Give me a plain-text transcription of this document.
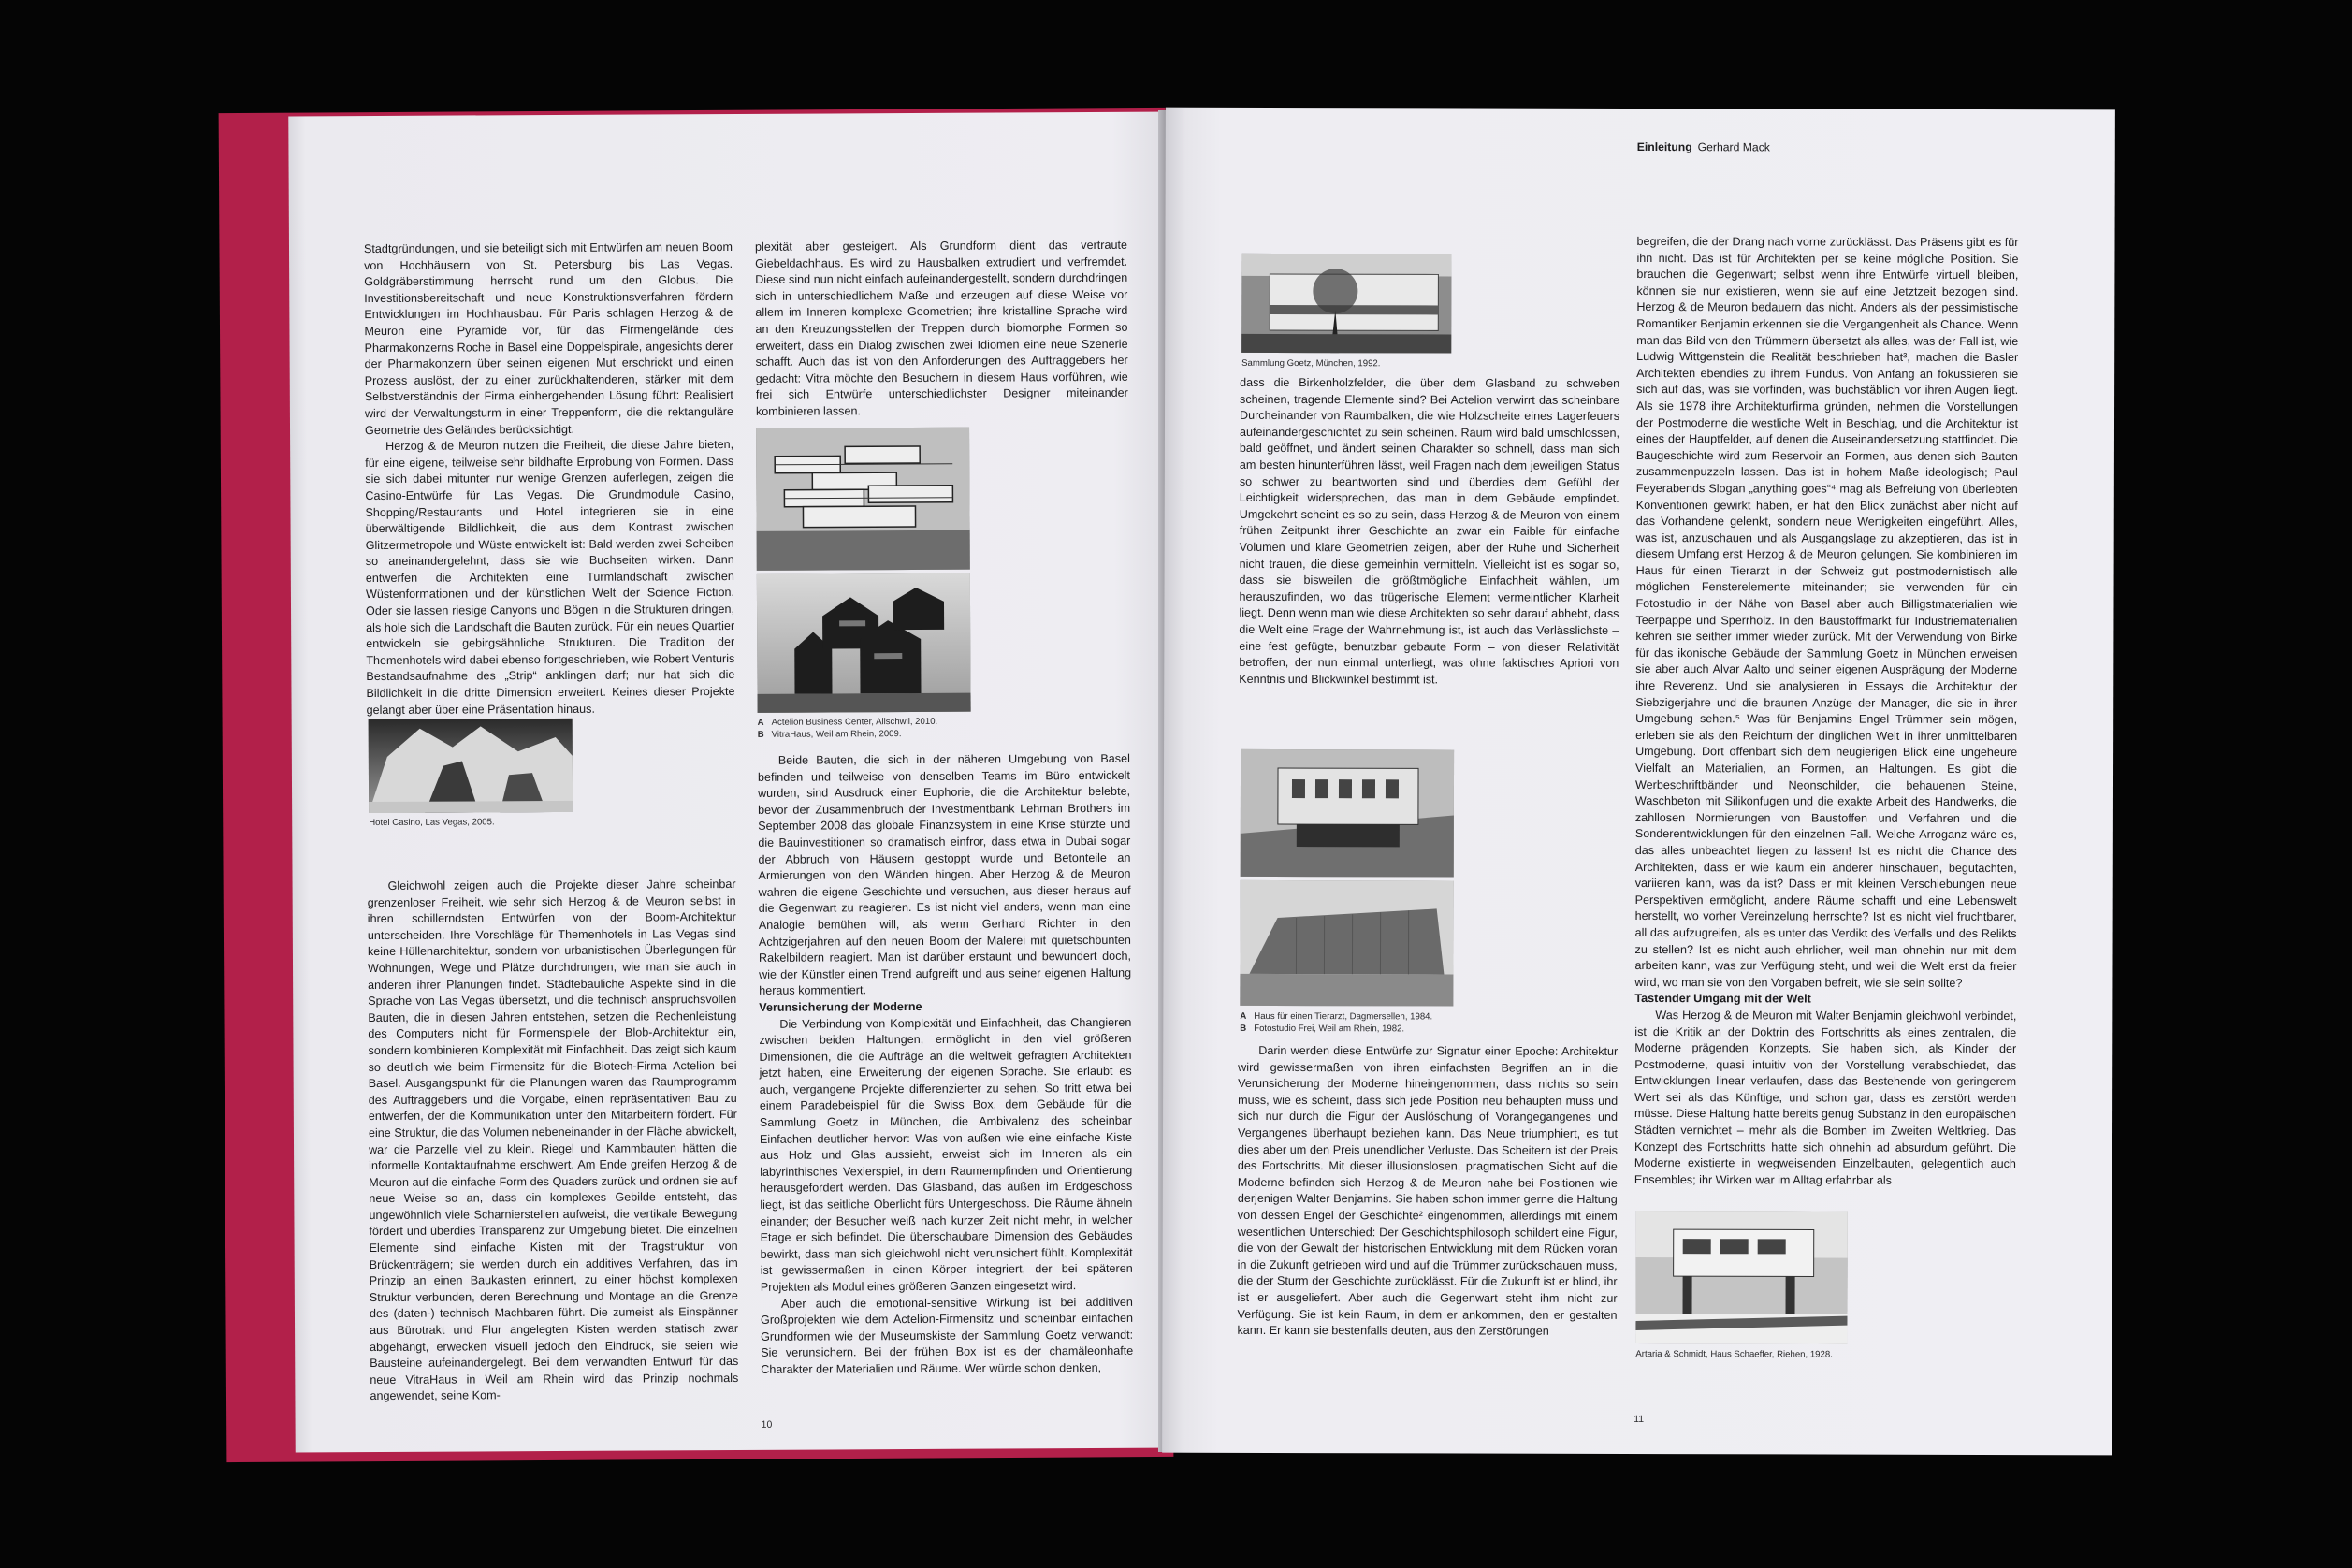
Stadtgründungen, und sie beteiligt sich mit Entwürfen am neuen Boom von Hochhäusern von St. Petersburg bis Las Vegas. Goldgräberstimmung herrscht rund um den Globus. Die Investitionsbereitschaft und neue Konstruktionsverfahren fördern Entwicklungen im Hochhausbau. Für Paris schlagen Herzog & de Meuron eine Pyramide vor, für das Firmengelände des Pharmakonzerns Roche in Basel eine Doppelspirale, angesichts derer der Pharmakonzern über seinen eigenen Mut erschrickt und einen Prozess auslöst, der zu einer zurückhaltenderen, stärker mit dem Selbstverständnis der Firma einhergehenden Lösung führt: Realisiert wird der Verwaltungsturm in einer Treppenform, die die rektanguläre Geometrie des Geländes berücksichtigt.

Herzog & de Meuron nutzen die Freiheit, die diese Jahre bieten, für eine eigene, teilweise sehr bildhafte Erprobung von Formen. Dass sie sich dabei mitunter nur wenige Grenzen auferlegen, zeigen die Casino-Entwürfe für Las Vegas. Die Grundmodule Casino, Shopping/Restaurants und Hotel integrieren sie in eine überwältigende Bildlichkeit, die aus dem Kontrast zwischen Glitzermetropole und Wüste entwickelt ist: Bald werden zwei Scheiben so aneinandergelehnt, dass sie wie Buchseiten wirken. Dann entwerfen die Architekten eine Turmlandschaft zwischen Wüstenformationen und der künstlichen Welt der Science Fiction. Oder sie lassen riesige Canyons und Bögen in die Strukturen dringen, als hole sich die Landschaft die Bauten zurück. Für ein neues Quartier entwickeln sie gebirgsähnliche Strukturen. Die Tradition der Themenhotels wird dabei ebenso fortgeschrieben, wie Robert Venturis Bestandsaufnahme des „Strip“ anklingen darf; nur hat sich die Bildlichkeit in die dritte Dimension erweitert. Keines dieser Projekte gelangt aber über eine Präsentation hinaus.

Hotel Casino, Las Vegas, 2005.

Gleichwohl zeigen auch die Projekte dieser Jahre scheinbar grenzenloser Freiheit, wie sehr sich Herzog & de Meuron selbst in ihren schillerndsten Entwürfen von der Boom-Architektur unterscheiden. Ihre Vorschläge für Themenhotels in Las Vegas sind keine Hüllenarchitektur, sondern von urbanistischen Überlegungen für Wohnungen, Wege und Plätze durchdrungen, wie man sie auch in anderen ihrer Planungen findet. Städtebauliche Aspekte sind in die Sprache von Las Vegas übersetzt, und die technisch anspruchsvollen Bauten, die in diesen Jahren entstehen, setzen die Rechenleistung des Computers nicht für Formenspiele der Blob-Architektur ein, sondern kombinieren Komplexität mit Einfachheit. Das zeigt sich kaum so deutlich wie beim Firmensitz für die Biotech-Firma Actelion bei Basel. Ausgangspunkt für die Planungen waren das Raumprogramm des Auftraggebers und die Vorgabe, einen repräsentativen Bau zu entwerfen, der die Kommunikation unter den Mitarbeitern fördert. Für eine Struktur, die das Volumen nebeneinander in der Fläche abwickelt, war die Parzelle viel zu klein. Riegel und Kammbauten hätten die informelle Kontaktaufnahme erschwert. Am Ende greifen Herzog & de Meuron auf die einfache Form des Quaders zurück und ordnen sie auf neue Weise so an, dass ein komplexes Gebilde entsteht, das ungewöhnlich viele Scharnierstellen aufweist, die vertikale Bewegung fördert und überdies Transparenz zur Umgebung bietet. Die einzelnen Elemente sind einfache Kisten mit der Tragstruktur von Brückenträgern; sie werden durch ein additives Verfahren, das im Prinzip an einen Baukasten erinnert, zu einer höchst komplexen Struktur verbunden, deren Berechnung und Montage an die Grenze des (daten-) technisch Machbaren führt. Die zumeist als Einspänner aus Bürotrakt und Flur angelegten Kisten werden statisch zwar abgehängt, erwecken visuell jedoch den Eindruck, sie seien wie Bausteine aufeinandergelegt. Bei dem verwandten Entwurf für das neue VitraHaus in Weil am Rhein wird das Prinzip nochmals angewendet, seine Kom-

plexität aber gesteigert. Als Grundform dient das vertraute Giebeldachhaus. Es wird zu Hausbalken extrudiert und verfremdet. Diese sind nun nicht einfach aufeinandergestellt, sondern durchdringen sich in unterschiedlichem Maße und erzeugen auf diese Weise vor allem im Inneren komplexe Geometrien; ihre kristalline Sprache wird an den Kreuzungsstellen der Treppen durch biomorphe Formen so erweitert, dass ein Dialog zwischen zwei Idiomen eine neue Szenerie schafft. Auch das ist von den Anforderungen des Auftraggebers her gedacht: Vitra möchte den Besuchern in diesem Haus vorführen, wie frei sich Entwürfe unterschiedlichster Designer miteinander kombinieren lassen.

A Actelion Business Center, Allschwil, 2010.
B VitraHaus, Weil am Rhein, 2009.

Beide Bauten, die sich in der näheren Umgebung von Basel befinden und teilweise von denselben Teams im Büro entwickelt wurden, sind Ausdruck einer Euphorie, die die Architektur belebte, bevor der Zusammenbruch der Investmentbank Lehman Brothers im September 2008 das globale Finanzsystem in eine Krise stürzte und die Bauinvestitionen so dramatisch einfror, dass etwa in Dubai sogar der Abbruch von Häusern gestoppt wurde und Betonteile an Armierungen von den Wänden hingen. Aber Herzog & de Meuron wahren die eigene Geschichte und versuchen, aus dieser heraus auf die Gegenwart zu reagieren. Es ist nicht viel anders, wenn man eine Analogie bemühen will, als wenn Gerhard Richter in den Achtzigerjahren auf den neuen Boom der Malerei mit quietschbunten Rakelbildern reagiert. Man ist darüber erstaunt und bewundert doch, wie der Künstler einen Trend aufgreift und aus seiner eigenen Haltung heraus kommentiert.

Verunsicherung der Moderne

Die Verbindung von Komplexität und Einfachheit, das Changieren zwischen beiden Haltungen, ermöglicht in den viel größeren Dimensionen, die die Aufträge an die weltweit gefragten Architekten jetzt haben, eine Erweiterung der eigenen Sprache. Sie erlaubt es auch, vergangene Projekte differenzierter zu sehen. So tritt etwa bei einem Paradebeispiel für die Swiss Box, dem Gebäude für die Sammlung Goetz in München, die Ambivalenz des scheinbar Einfachen deutlicher hervor: Was von außen wie eine einfache Kiste aus Holz und Glas aussieht, erweist sich im Inneren als ein labyrinthisches Vexierspiel, in dem Raumempfinden und Orientierung herausgefordert werden. Das Glasband, das außen im Erdgeschoss liegt, ist das seitliche Oberlicht fürs Untergeschoss. Die Räume ähneln einander; der Besucher weiß nach kurzer Zeit nicht mehr, in welcher Etage er sich befindet. Die überschaubare Dimension des Gebäudes bewirkt, dass man sich gleichwohl nicht verunsichert fühlt. Komplexität ist gewissermaßen in einen Körper integriert, der bei späteren Projekten als Modul eines größeren Ganzen eingesetzt wird.

Aber auch die emotional-sensitive Wirkung ist bei additiven Großprojekten wie dem Actelion-Firmensitz und scheinbar einfachen Grundformen wie der Museumskiste der Sammlung Goetz verwandt: Sie verunsichern. Bei der frühen Box ist es der chamäleonhafte Charakter der Materialien und Räume. Wer würde schon denken,

10
Einleitung Gerhard Mack
Sammlung Goetz, München, 1992.

dass die Birkenholzfelder, die über dem Glasband zu schweben scheinen, tragende Elemente sind? Bei Actelion verwirrt das scheinbare Durcheinander von Raumbalken, die wie Holzscheite eines Lagerfeuers aufeinandergeschichtet zu sein scheinen. Raum wird bald umschlossen, bald geöffnet, und ändert seinen Charakter so schnell, dass man sich am besten hinunterführen lässt, weil Fragen nach dem jeweiligen Status so schwer zu beantworten sind und überdies dem Gefühl der Leichtigkeit widersprechen, das man in dem Gebäude empfindet. Umgekehrt scheint es so zu sein, dass Herzog & de Meuron von einem frühen Zeitpunkt ihrer Geschichte an zwar ein Faible für einfache Volumen und klare Geometrien zeigen, aber der Ruhe und Sicherheit nicht trauen, die diese gemeinhin vermitteln. Vielleicht ist es sogar so, dass sie bisweilen die größtmögliche Einfachheit wählen, um herauszufinden, wo das trügerische Element vermeintlicher Klarheit liegt. Denn wenn man wie diese Architekten so sehr darauf abhebt, dass die Welt eine Frage der Wahrnehmung ist, ist auch das Verlässlichste – eine fest gefügte, benutzbar gebaute Form – von dieser Relativität betroffen, der nun einmal unterliegt, was ohne faktisches Apriori von Kenntnis und Blickwinkel bestimmt ist.

A Haus für einen Tierarzt, Dagmersellen, 1984.
B Fotostudio Frei, Weil am Rhein, 1982.

Darin werden diese Entwürfe zur Signatur einer Epoche: Architektur wird gewissermaßen von ihren einfachsten Begriffen an in die Verunsicherung der Moderne hineingenommen, dass nichts so sein muss, wie es scheint, dass sich jede Position neu behaupten muss und sich nur durch die Figur der Auslöschung of Vorangegangenes und Vergangenes überhaupt beziehen kann. Das Neue triumphiert, es tut dies aber um den Preis unendlicher Verluste. Das Scheitern ist der Preis des Fortschritts. Mit dieser illusionslosen, pragmatischen Sicht auf die Moderne befinden sich Herzog & de Meuron nahe bei Positionen wie derjenigen Walter Benjamins. Sie haben schon immer gerne die Haltung von dessen Engel der Geschichte² eingenommen, allerdings mit einem wesentlichen Unterschied: Der Geschichtsphilosoph schildert eine Figur, die von der Gewalt der historischen Entwicklung mit dem Rücken voran in die Zukunft getrieben wird und auf die Trümmer zurückschauen muss, die der Sturm der Geschichte zurücklässt. Für die Zukunft ist er blind, ihr ist er ausgeliefert. Aber auch die Gegenwart steht ihm nicht zur Verfügung. Sie ist kein Raum, in dem er ankommen, den er gestalten kann. Er kann sie bestenfalls deuten, aus den Zerstörungen

begreifen, die der Drang nach vorne zurücklässt. Das Präsens gibt es für ihn nicht. Das ist für Architekten per se keine mögliche Position. Sie brauchen die Gegenwart; selbst wenn ihre Entwürfe virtuell bleiben, können sie nur existieren, wenn sie auf eine Jetztzeit bezogen sind. Herzog & de Meuron bedauern das nicht. Anders als der pessimistische Romantiker Benjamin erkennen sie die Vergangenheit als Chance. Wenn man das Bild von den Trümmern übersetzt als alles, was der Fall ist, wie Ludwig Wittgenstein die Realität beschrieben hat³, machen die Basler Architekten ebendies zu ihrem Fundus. Von Anfang an fokussieren sie sich auf das, was sie vorfinden, was buchstäblich vor ihren Augen liegt. Als sie 1978 ihre Architekturfirma gründen, nehmen die Vorstellungen der Postmoderne die westliche Welt in Beschlag, und die Architektur ist eines der Hauptfelder, auf denen die Auseinandersetzung stattfindet. Die Baugeschichte wird zum Reservoir an Formen, aus denen sich Bauten zusammenpuzzeln lassen. Das ist in hohem Maße ideologisch; Paul Feyerabends Slogan „anything goes“⁴ mag als Befreiung von überlebten Konventionen gewirkt haben, er hat den Blick zunächst aber nicht auf das Vorhandene gelenkt, sondern neue Wertigkeiten eingeführt. Alles, was ist, anzuschauen und als Ausgangslage zu akzeptieren, das ist in diesem Umfang erst Herzog & de Meuron gelungen. Sie kombinieren im Haus für einen Tierarzt in der Schweiz gut postmodernistisch alle möglichen Fensterelemente miteinander; sie verwenden für ein Fotostudio in der Nähe von Basel aber auch Billigstmaterialien wie Teerpappe und Sperrholz. In den Baustoffmarkt für Industriematerialien kehren sie seither immer wieder zurück. Mit der Verwendung von Birke für das ikonische Gebäude der Sammlung Goetz in München erweisen sie aber auch Alvar Aalto und seiner eigenen Ausprägung der Moderne ihre Reverenz. Und sie analysieren in Essays die Architektur der Siebzigerjahre und die braunen Anzüge der Manager, die sie in ihrer Umgebung sehen.⁵ Was für Benjamins Engel Trümmer sein mögen, erleben sie als den Reichtum der dinglichen Welt in ihrer unmittelbaren Umgebung. Dort offenbart sich dem neugierigen Blick eine ungeheure Vielfalt an Materialien, an Formen, an Haltungen. Es gibt die Werbeschriftbänder und Neonschilder, die behauenen Steine, Waschbeton mit Silikonfugen und die exakte Arbeit des Handwerks, die zahllosen Normierungen von Baustoffen und Verfahren und die Sonderentwicklungen für den einzelnen Fall. Welche Arroganz wäre es, das alles unbeachtet liegen zu lassen! Ist es nicht die Chance des Architekten, dass er wie kaum ein anderer hinschauen, begutachten, variieren kann, was da ist? Dass er mit kleinen Verschiebungen neue Perspektiven ermöglicht, andere Räume schafft und eine Lebenswelt herstellt, wo vorher Vereinzelung herrschte? Ist es nicht viel fruchtbarer, all das aufzugreifen, als es unter das Verdikt des Verfalls und des Relikts zu stellen? Ist es nicht auch ehrlicher, weil man ohnehin nur mit dem arbeiten kann, was zur Verfügung steht, und weil die Welt erst da freier wird, wo man sie von den Vorgaben befreit, wie sie sein sollte?

Tastender Umgang mit der Welt

Was Herzog & de Meuron mit Walter Benjamin gleichwohl verbindet, ist die Kritik an der Doktrin des Fortschritts als eines zentralen, die Moderne prägenden Konzepts. Sie haben sich, als Kinder der Postmoderne, quasi intuitiv von der Vorstellung verabschiedet, das Entwicklungen linear verlaufen, dass das Bestehende von geringerem Wert sei als das Künftige, und schon gar, dass es zerstört werden müsse. Diese Haltung hatte bereits genug Substanz in den europäischen Städten vernichtet – mehr als die Bomben im Zweiten Weltkrieg. Das Konzept des Fortschritts hatte sich ohnehin ad absurdum geführt. Die Moderne existierte in wegweisenden Einzelbauten, gelegentlich auch Ensembles; ihr Wirken war im Alltag erfahrbar als

Artaria & Schmidt, Haus Schaeffer, Riehen, 1928.
11
